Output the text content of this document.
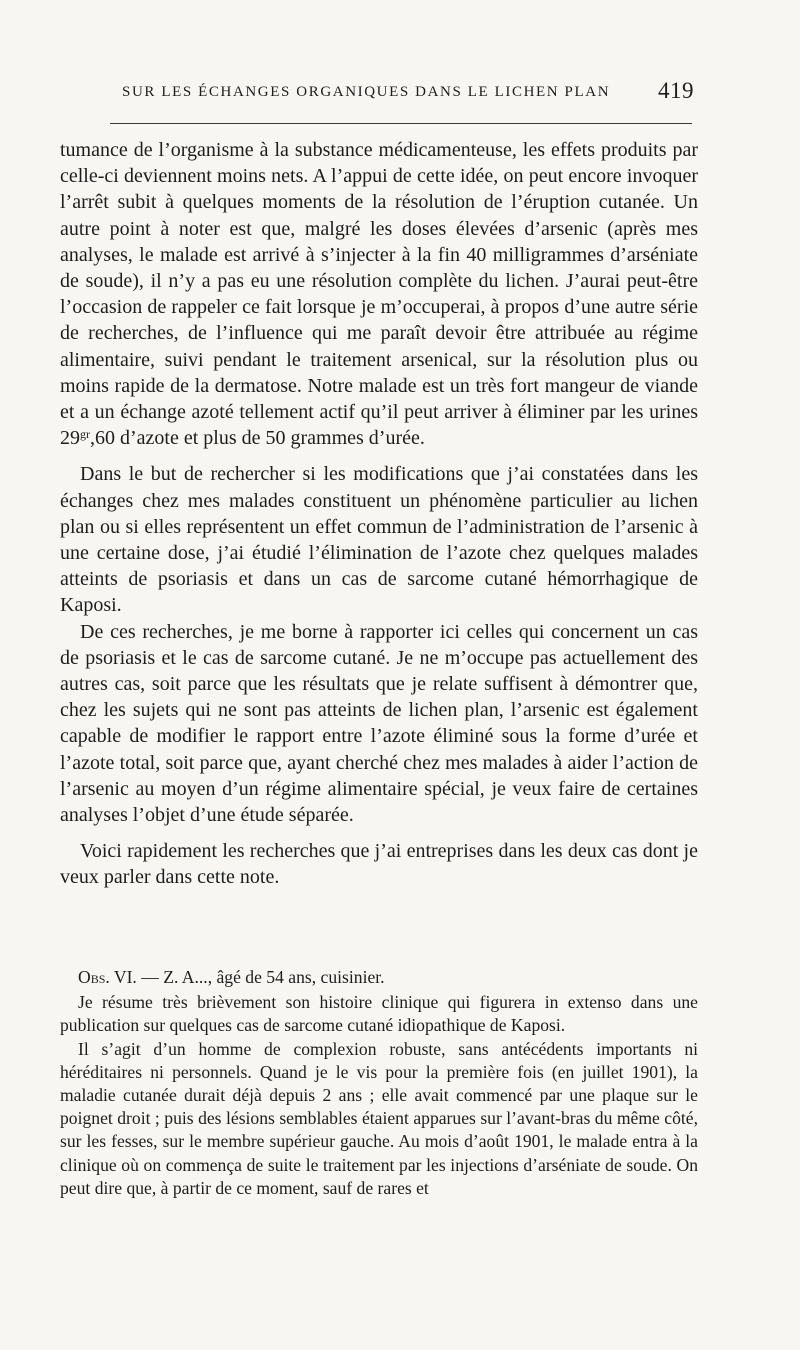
SUR LES ÉCHANGES ORGANIQUES DANS LE LICHEN PLAN 419

tumance de l’organisme à la substance médicamenteuse, les effets produits par celle-ci deviennent moins nets. A l’appui de cette idée, on peut encore invoquer l’arrêt subit à quelques moments de la résolution de l’éruption cutanée. Un autre point à noter est que, malgré les doses élevées d’arsenic (après mes analyses, le malade est arrivé à s’injecter à la fin 40 milligrammes d’arséniate de soude), il n’y a pas eu une résolution complète du lichen. J’aurai peut-être l’occasion de rappeler ce fait lorsque je m’occuperai, à propos d’une autre série de recherches, de l’influence qui me paraît devoir être attribuée au régime alimentaire, suivi pendant le traitement arsenical, sur la résolution plus ou moins rapide de la dermatose. Notre malade est un très fort mangeur de viande et a un échange azoté tellement actif qu’il peut arriver à éliminer par les urines $29^{gr},60$ d’azote et plus de 50 grammes d’urée.

Dans le but de rechercher si les modifications que j’ai constatées dans les échanges chez mes malades constituent un phénomène particulier au lichen plan ou si elles représentent un effet commun de l’administration de l’arsenic à une certaine dose, j’ai étudié l’élimination de l’azote chez quelques malades atteints de psoriasis et dans un cas de sarcome cutané hémorrhagique de Kaposi.

De ces recherches, je me borne à rapporter ici celles qui concernent un cas de psoriasis et le cas de sarcome cutané. Je ne m’occupe pas actuellement des autres cas, soit parce que les résultats que je relate suffisent à démontrer que, chez les sujets qui ne sont pas atteints de lichen plan, l’arsenic est également capable de modifier le rapport entre l’azote éliminé sous la forme d’urée et l’azote total, soit parce que, ayant cherché chez mes malades à aider l’action de l’arsenic au moyen d’un régime alimentaire spécial, je veux faire de certaines analyses l’objet d’une étude séparée.

Voici rapidement les recherches que j’ai entreprises dans les deux cas dont je veux parler dans cette note.

Obs. VI. — Z. A..., âgé de 54 ans, cuisinier.

Je résume très brièvement son histoire clinique qui figurera in extenso dans une publication sur quelques cas de sarcome cutané idiopathique de Kaposi.

Il s’agit d’un homme de complexion robuste, sans antécédents importants ni héréditaires ni personnels. Quand je le vis pour la première fois (en juillet 1901), la maladie cutanée durait déjà depuis 2 ans ; elle avait commencé par une plaque sur le poignet droit ; puis des lésions semblables étaient apparues sur l’avant-bras du même côté, sur les fesses, sur le membre supérieur gauche. Au mois d’août 1901, le malade entra à la clinique où on commença de suite le traitement par les injections d’arséniate de soude. On peut dire que, à partir de ce moment, sauf de rares et
